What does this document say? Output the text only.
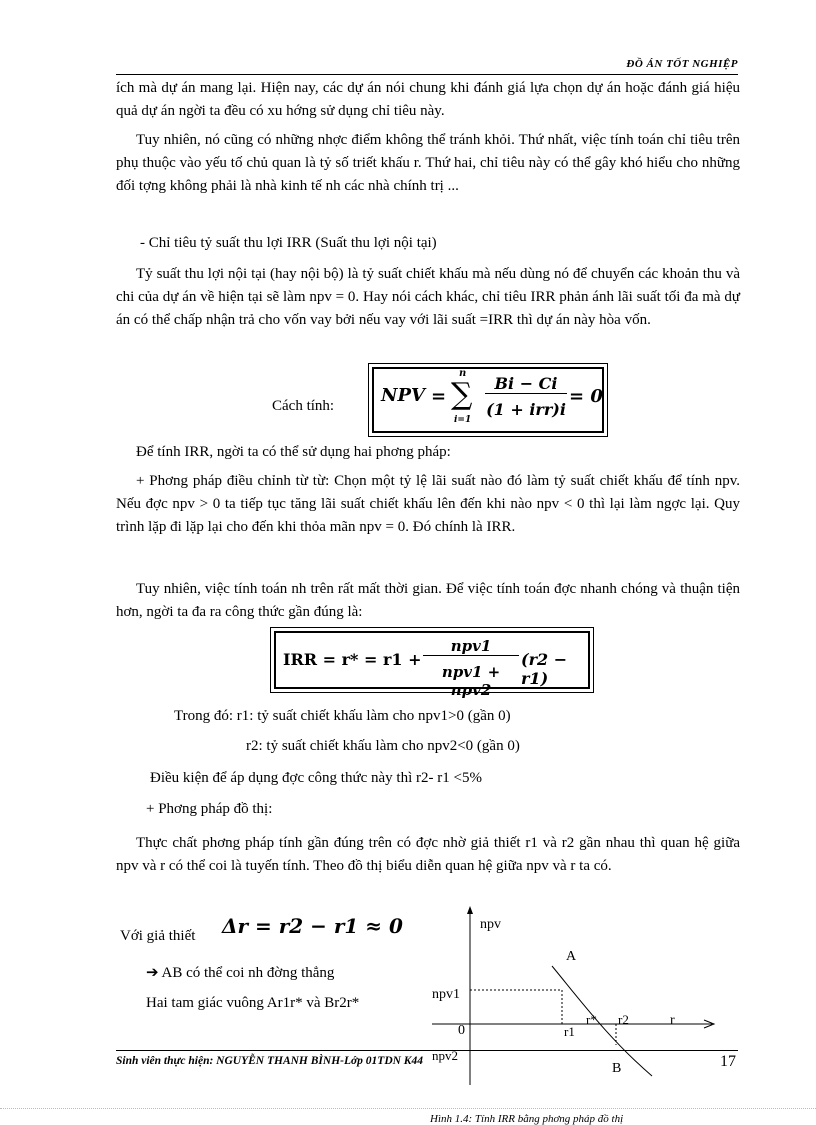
ĐỒ ÁN TỐT NGHIỆP

ích mà dự án mang lại. Hiện nay, các dự án nói chung khi đánh giá lựa chọn dự án hoặc đánh giá hiệu quả dự án ngời ta đều có xu hớng sử dụng chỉ tiêu này.

Tuy nhiên, nó cũng có những nhợc điểm không thể tránh khỏi. Thứ nhất, việc tính toán chỉ tiêu trên phụ thuộc vào yếu tố chủ quan là tỷ số triết khấu r. Thứ hai, chỉ tiêu này có thể gây khó hiểu cho những đối tợng không phải là nhà kinh tế nh các nhà chính trị ...

- Chỉ tiêu tỷ suất thu lợi IRR (Suất thu lợi nội tại)

Tỷ suất thu lợi nội tại (hay nội bộ) là tỷ suất chiết khấu mà nếu dùng nó để chuyển các khoản thu và chi của dự án về hiện tại sẽ làm npv = 0. Hay nói cách khác, chỉ tiêu IRR phản ánh lãi suất tối đa mà dự án có thể chấp nhận trả cho vốn vay bởi nếu vay với lãi suất =IRR thì dự án này hòa vốn.

Cách tính:	NPV = ∑
n
i=1
Bi − Ci
(1 + irr)i
= 0

Để tính IRR, ngời ta có thể sử dụng hai phơng pháp:

+ Phơng pháp điều chỉnh từ từ: Chọn một tỷ lệ lãi suất nào đó làm tỷ suất chiết khấu để tính npv. Nếu đợc npv > 0 ta tiếp tục tăng lãi suất chiết khấu lên đến khi nào npv < 0 thì lại làm ngợc lại. Quy trình lặp đi lặp lại cho đến khi thỏa mãn npv = 0. Đó chính là IRR.

Tuy nhiên, việc tính toán nh trên rất mất thời gian. Để việc tính toán đợc nhanh chóng và thuận tiện hơn, ngời ta đa ra công thức gần đúng là:

IRR = r* = r1 +
npv1
npv1 + npv2
(r2 − r1)
Trong đó: r1: tỷ suất chiết khấu làm cho npv1>0 (gần 0)
r2: tỷ suất chiết khấu làm cho npv2<0 (gần 0)
Điều kiện để áp dụng đợc công thức này thì r2- r1 <5%
+ Phơng pháp đồ thị:

Thực chất phơng pháp tính gần đúng trên có đợc nhờ giả thiết r1 và r2 gần nhau thì quan hệ giữa npv và r có thể coi là tuyến tính. Theo đồ thị biểu diễn quan hệ giữa npv và r ta có.

Với giả thiết Δr = r2 − r1 ≈ 0
➔ AB có thể coi nh đờng thẳng
Hai tam giác vuông Ar1r* và Br2r*
npv
r
A
B
npv1
0	r1
r2
r*
npv2
Sinh viên thực hiện: NGUYỄN THANH BÌNH-Lớp 01TDN K44	17
Hình 1.4: Tính IRR bằng phơng pháp đồ thị
